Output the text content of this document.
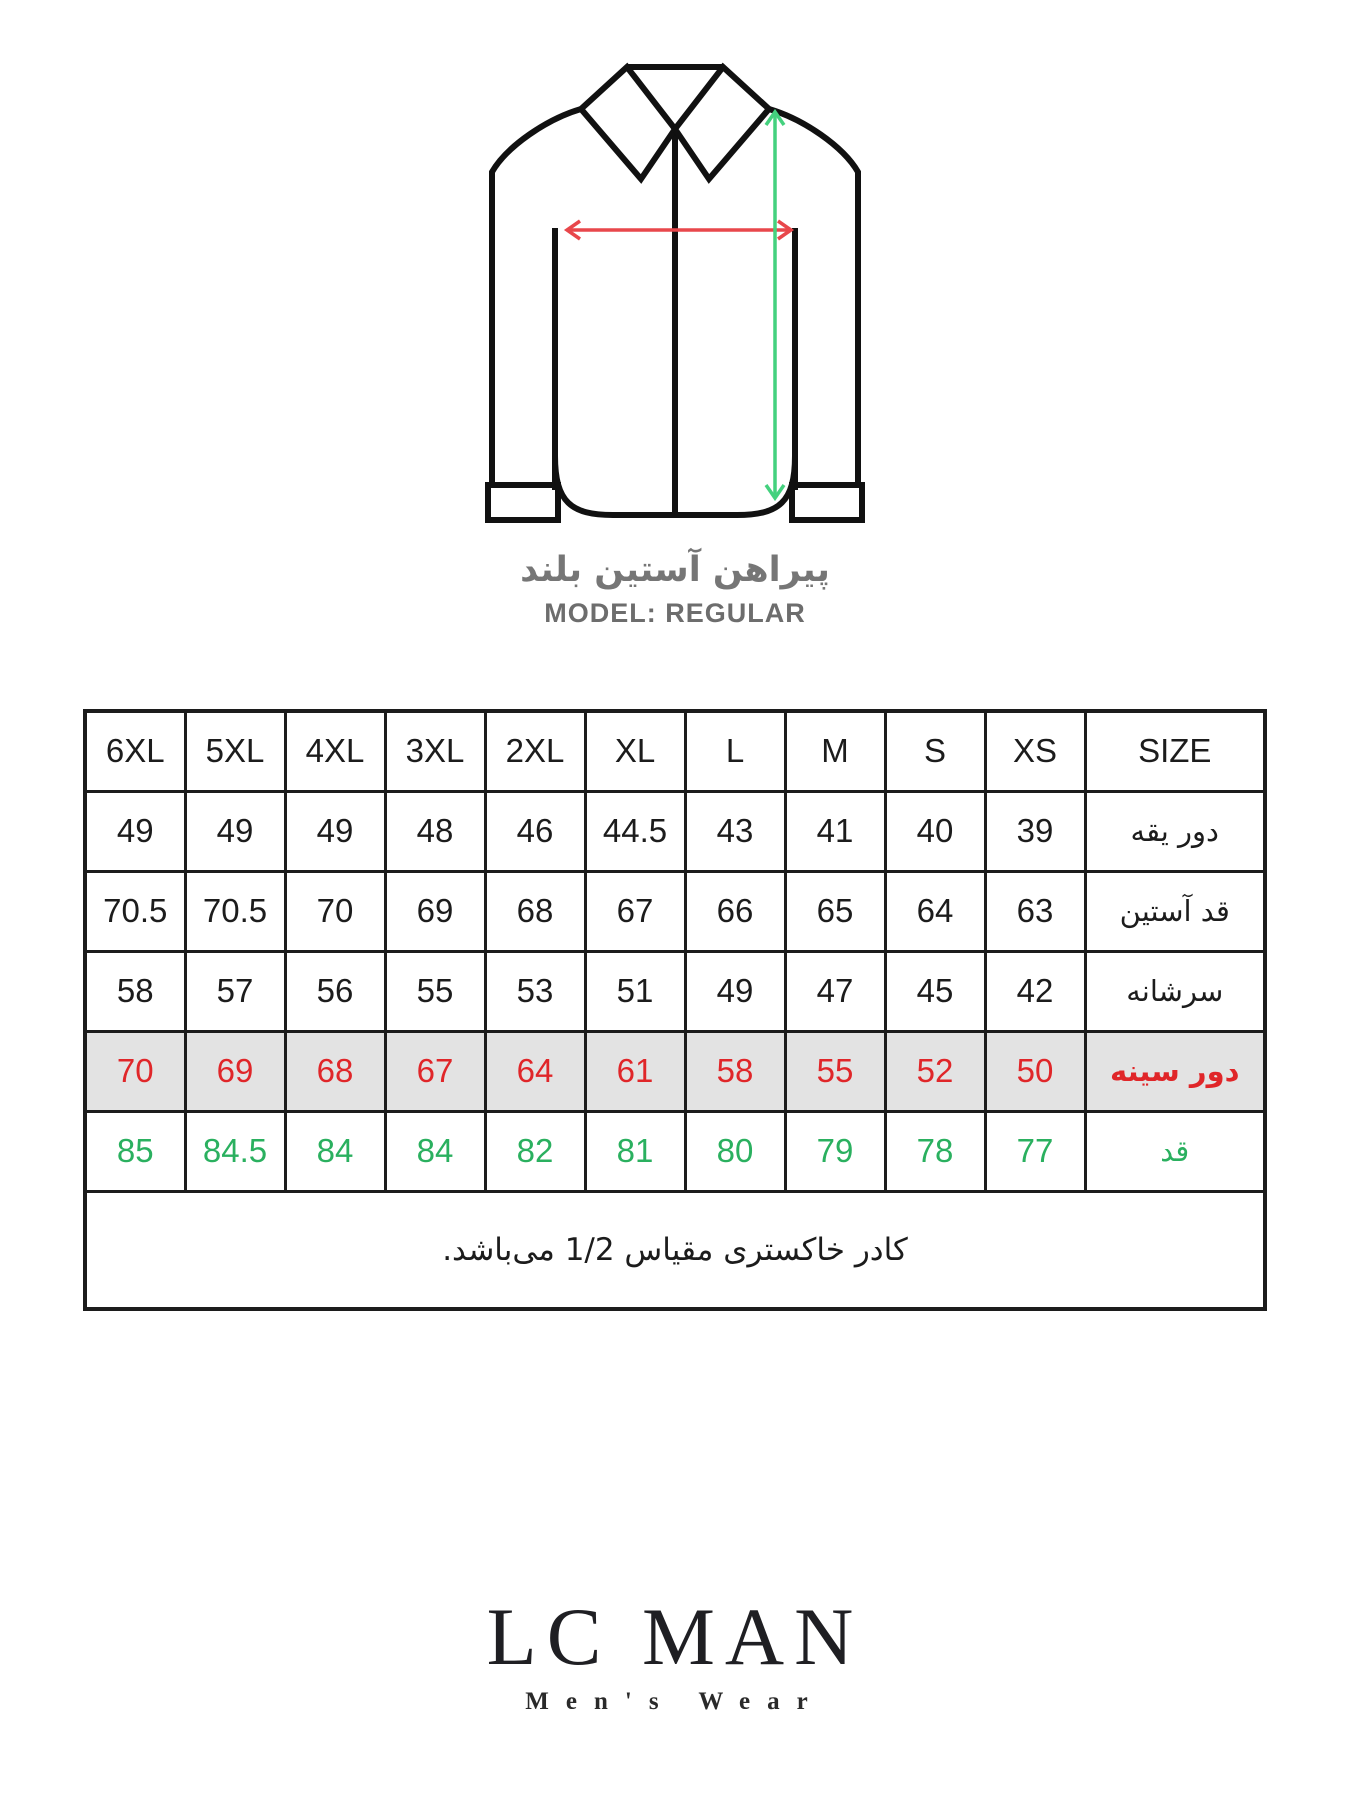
پیراهن آستین بلند
MODEL: REGULAR
6XL	5XL	4XL	3XL	2XL	XL	L	M	S	XS	SIZE
49	49	49	48	46	44.5	43	41	40	39	دور یقه
70.5	70.5	70	69	68	67	66	65	64	63	قد آستین
58	57	56	55	53	51	49	47	45	42	سرشانه
70	69	68	67	64	61	58	55	52	50	دور سینه
85	84.5	84	84	82	81	80	79	78	77	قد
کادر خاکستری مقیاس 1/2 می‌باشد.										
LC MAN
Men's Wear
